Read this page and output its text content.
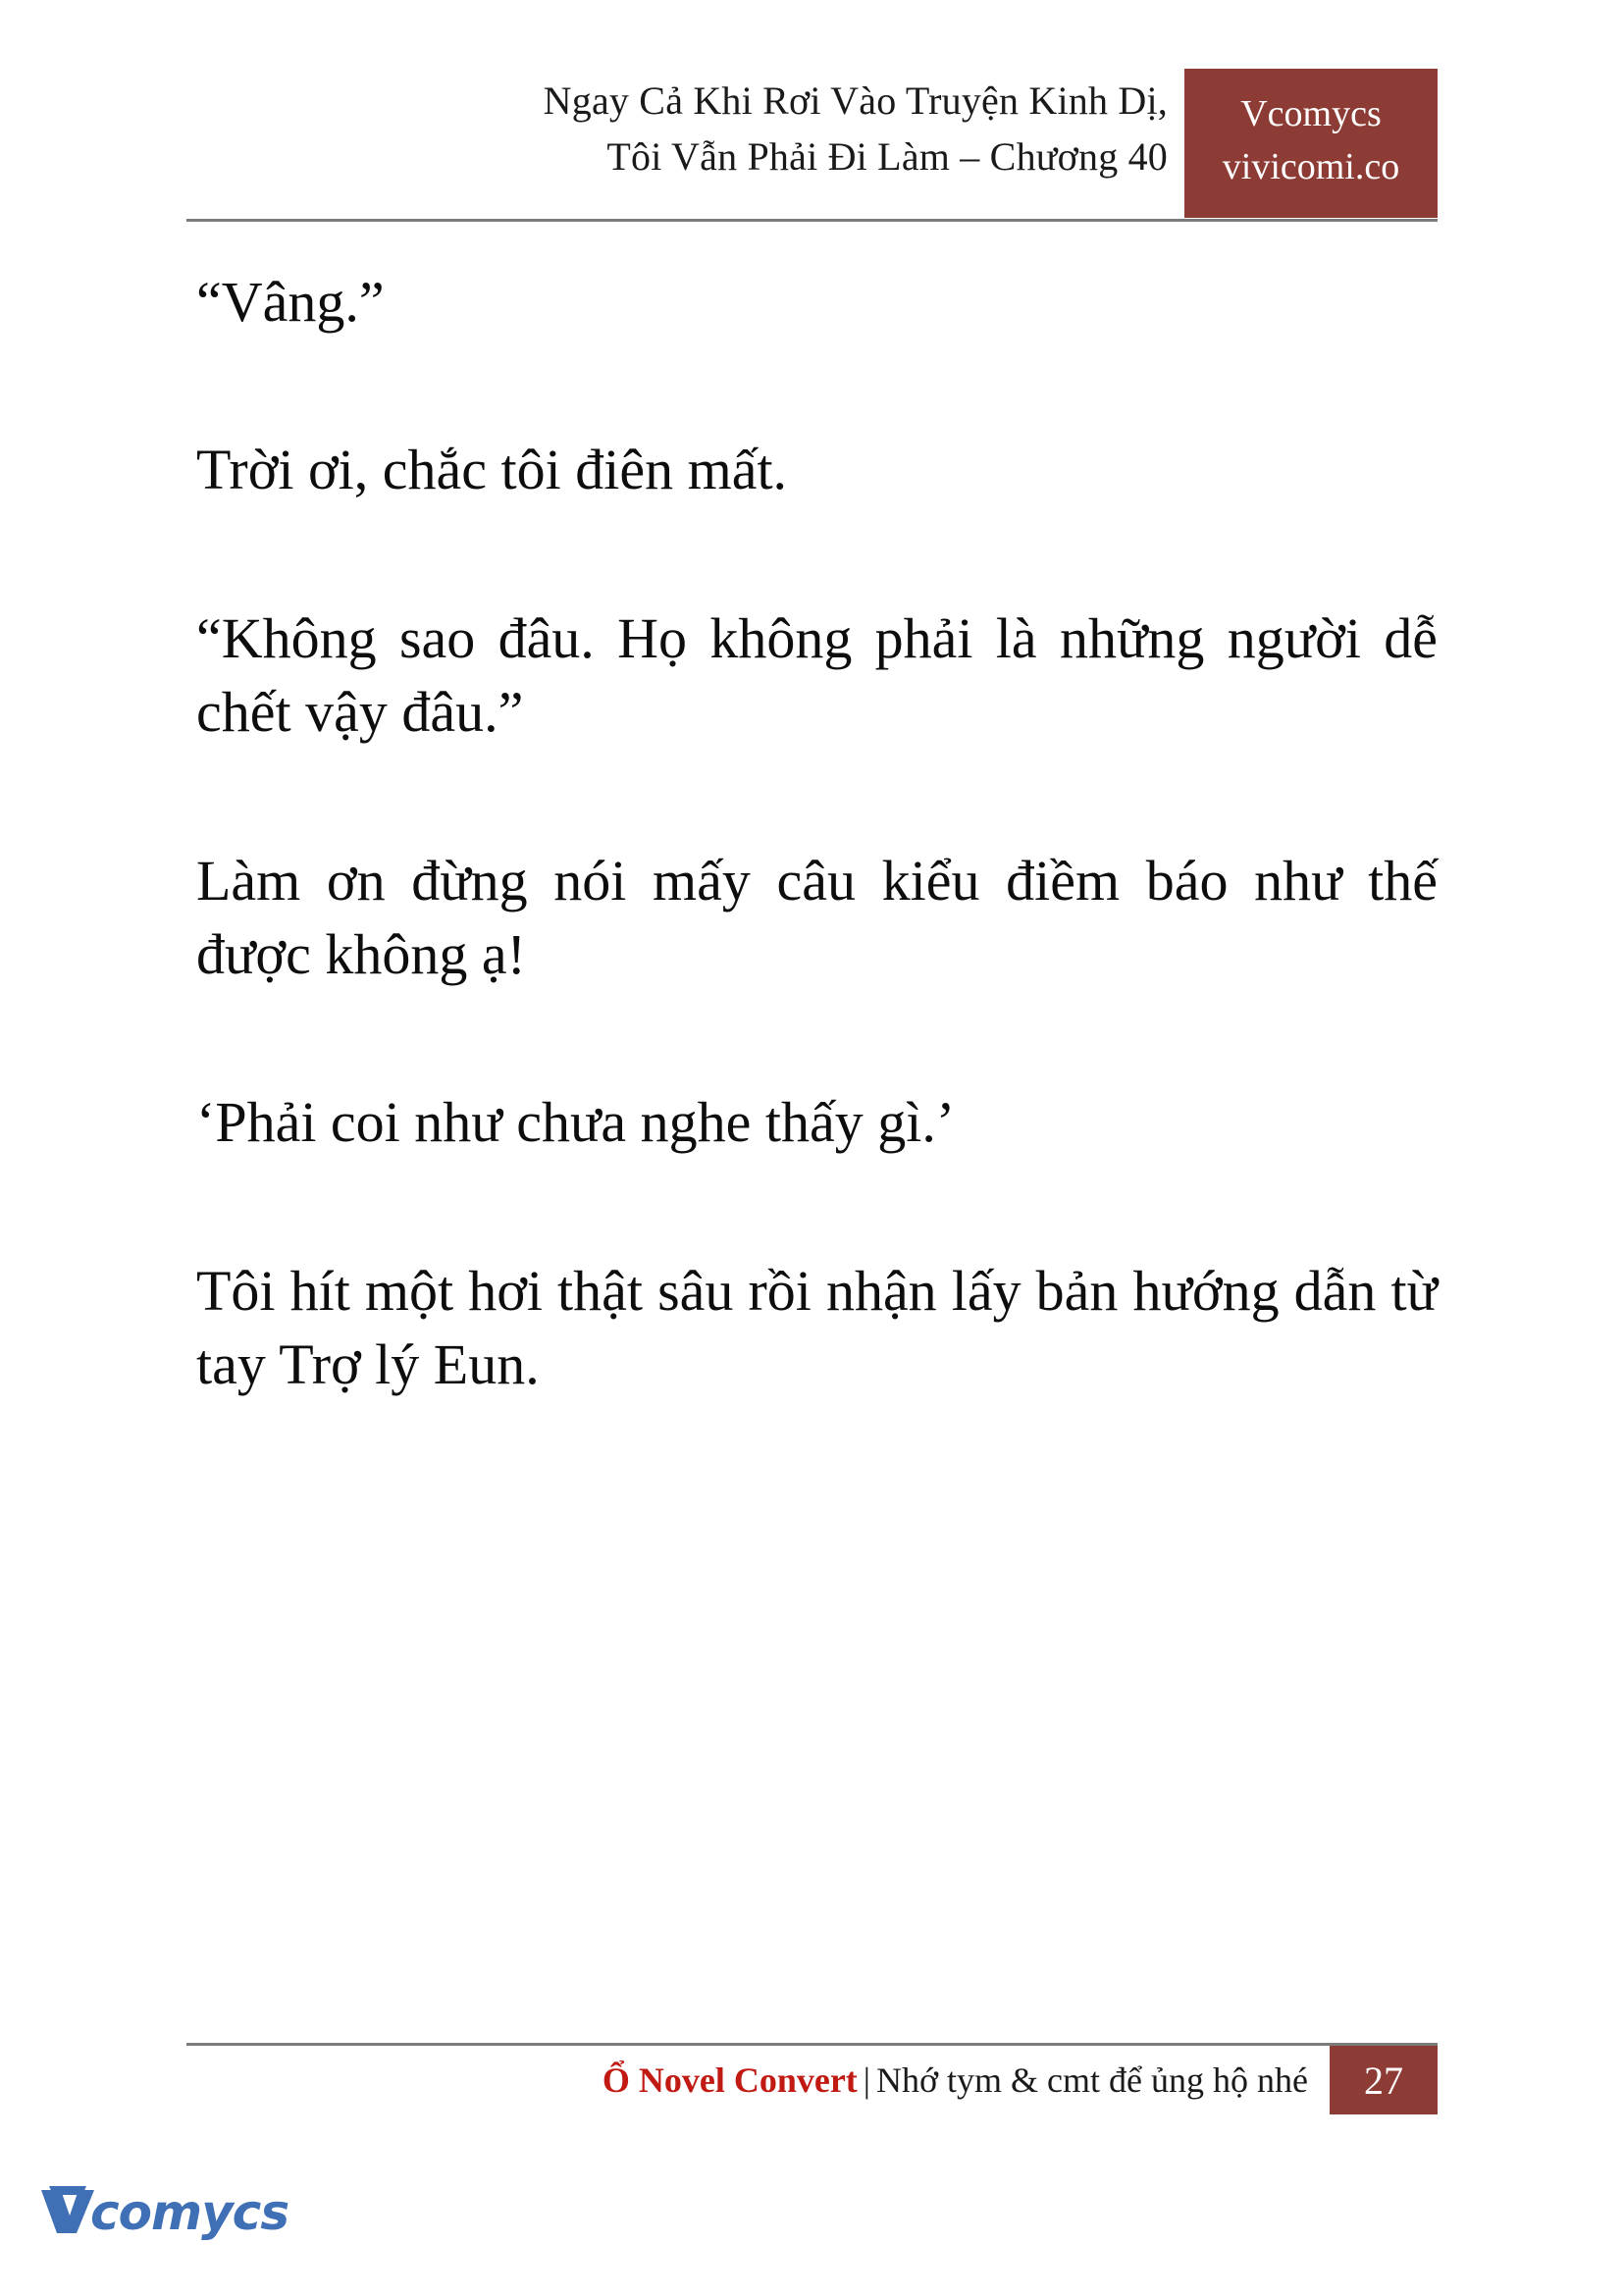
Ngay Cả Khi Rơi Vào Truyện Kinh Dị,
Tôi Vẫn Phải Đi Làm – Chương 40
Vcomycs
vivicomi.co

“Vâng.”

Trời ơi, chắc tôi điên mất.

“Không sao đâu. Họ không phải là những người dễ chết vậy đâu.”

Làm ơn đừng nói mấy câu kiểu điềm báo như thế được không ạ!

‘Phải coi như chưa nghe thấy gì.’

Tôi hít một hơi thật sâu rồi nhận lấy bản hướng dẫn từ tay Trợ lý Eun.

Ổ Novel Convert | Nhớ tym & cmt để ủng hộ nhé	27
comycs
